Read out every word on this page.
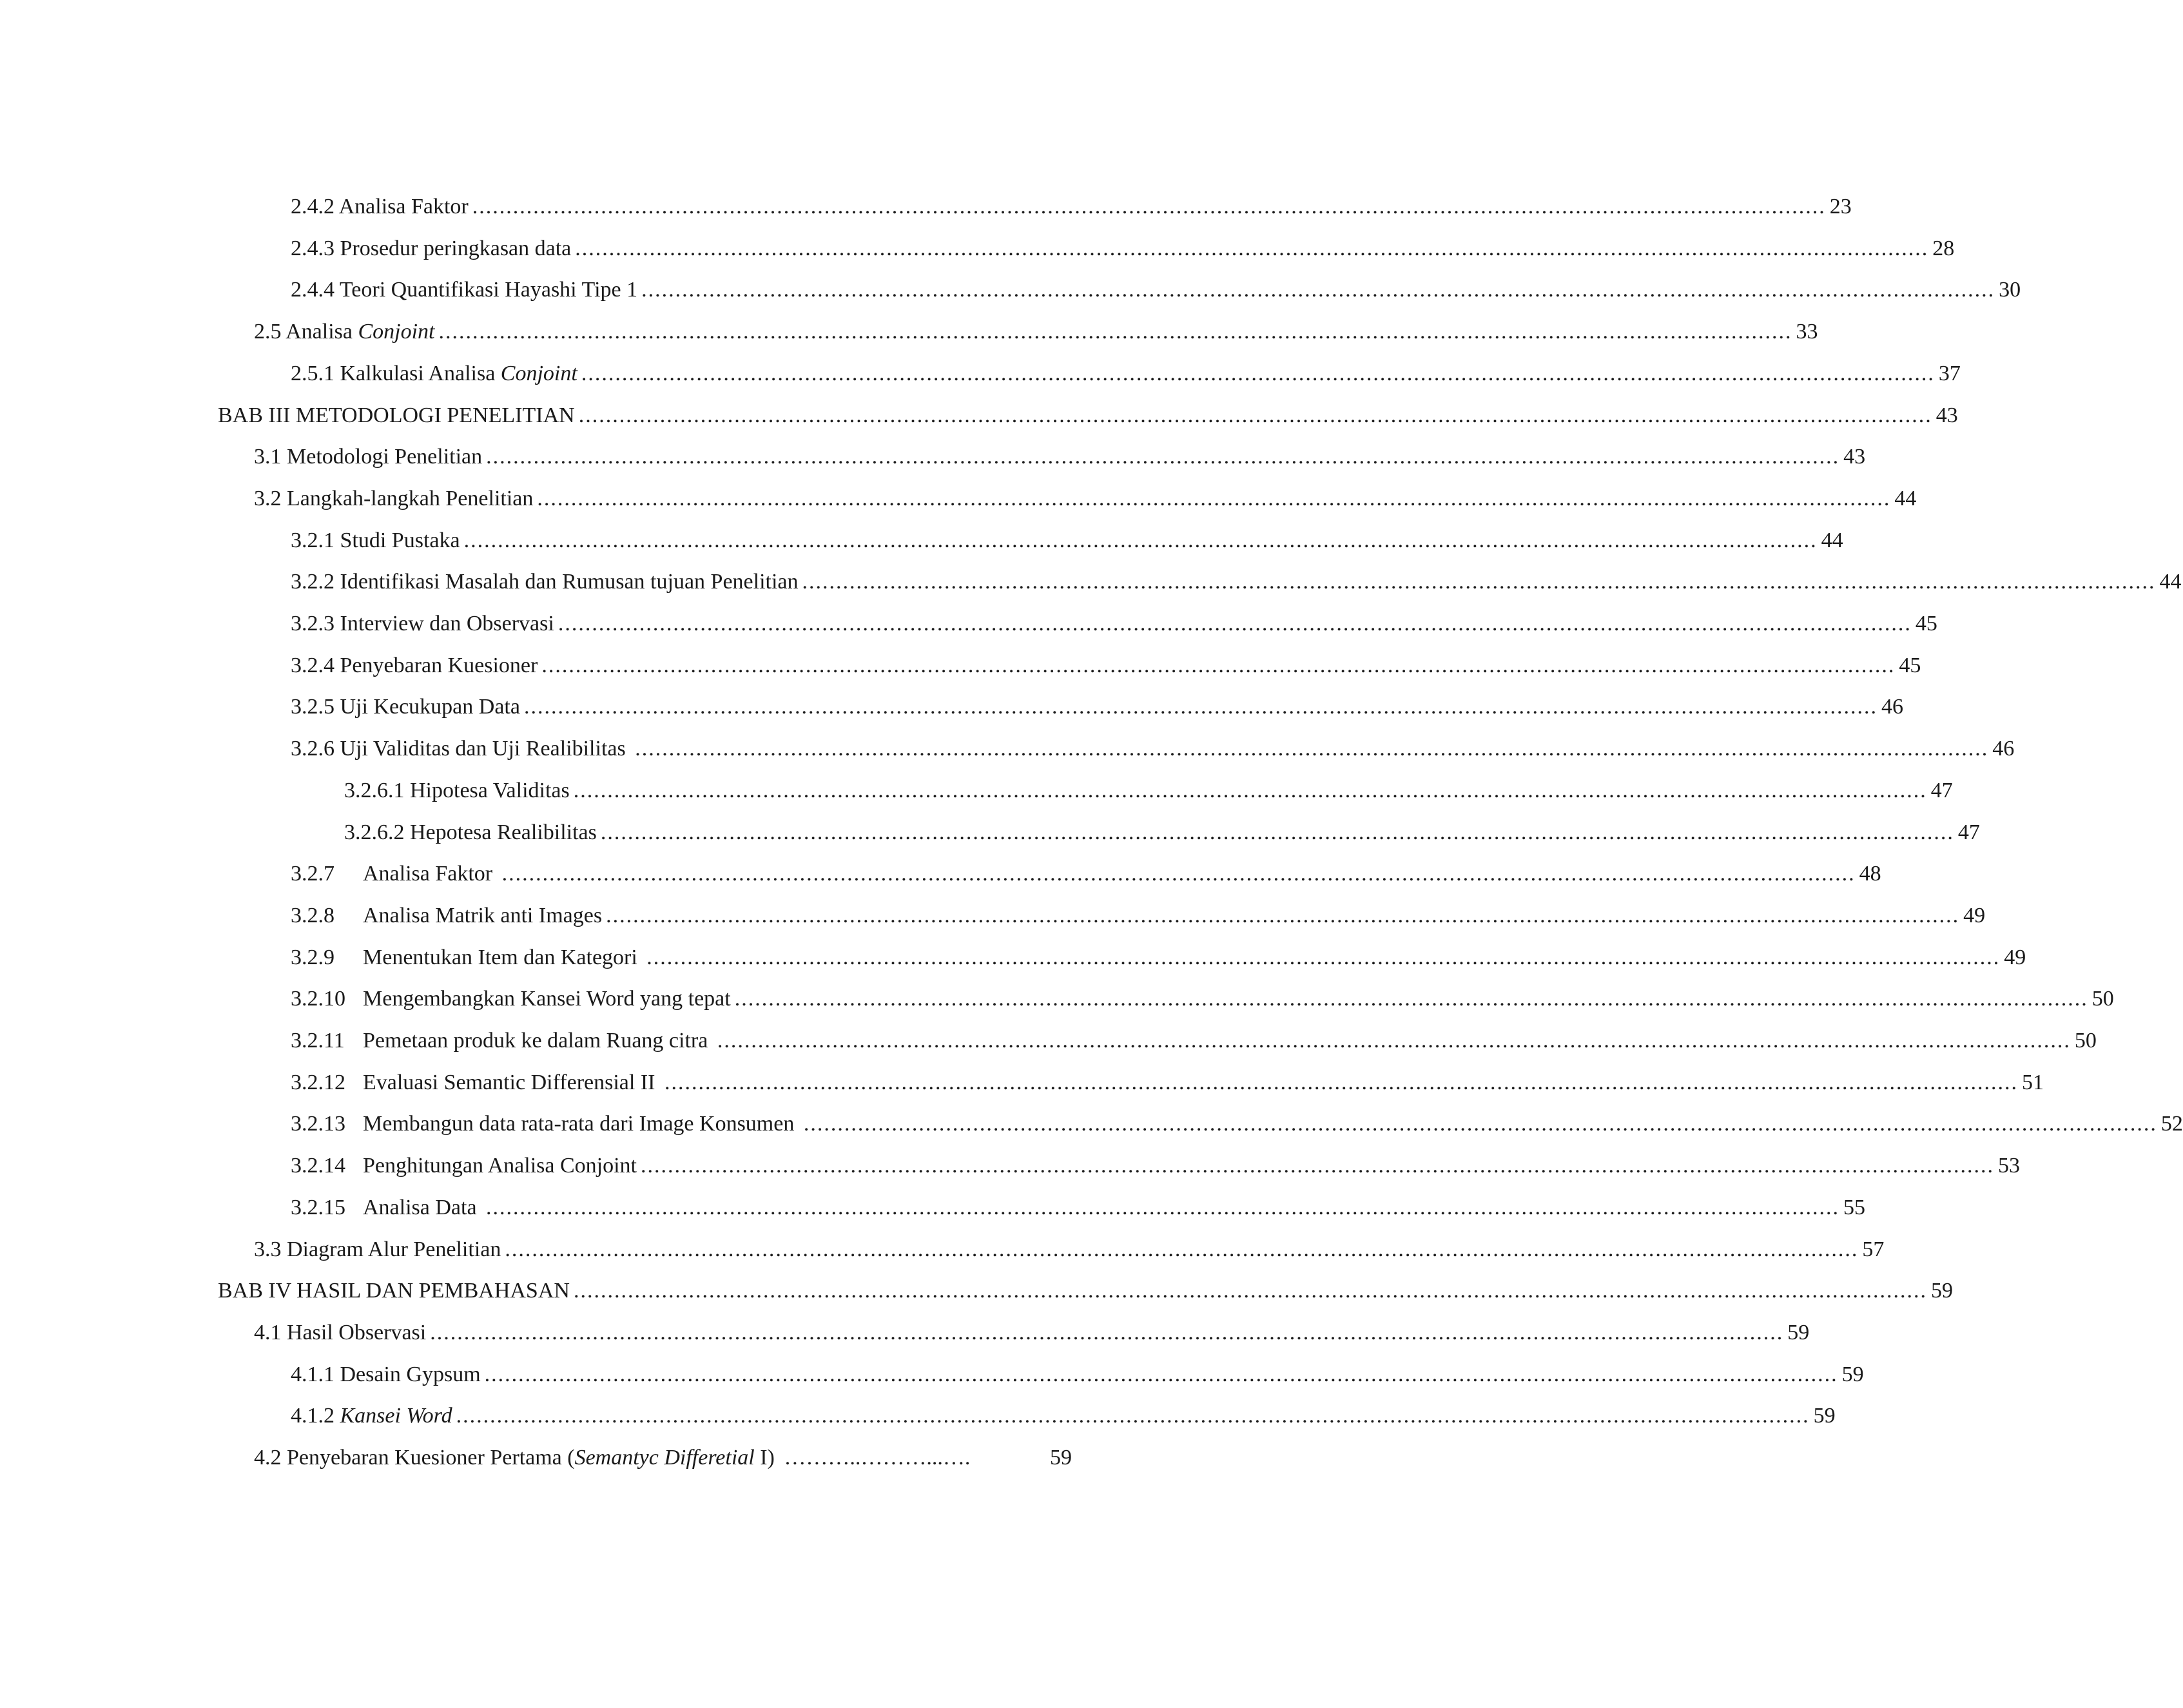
2.4.2 Analisa Faktor ........................................................................................................................................................................................................ 23
2.4.3 Prosedur peringkasan data ........................................................................................................................................................................................................ 28
2.4.4 Teori Quantifikasi Hayashi Tipe 1 ........................................................................................................................................................................................................ 30
2.5 Analisa Conjoint ........................................................................................................................................................................................................ 33
2.5.1 Kalkulasi Analisa Conjoint ........................................................................................................................................................................................................ 37
BAB III METODOLOGI PENELITIAN ........................................................................................................................................................................................................ 43
3.1 Metodologi Penelitian ........................................................................................................................................................................................................ 43
3.2 Langkah-langkah Penelitian ........................................................................................................................................................................................................ 44
3.2.1 Studi Pustaka ........................................................................................................................................................................................................ 44
3.2.2 Identifikasi Masalah dan Rumusan tujuan Penelitian ........................................................................................................................................................................................................ 44
3.2.3 Interview dan Observasi ........................................................................................................................................................................................................ 45
3.2.4 Penyebaran Kuesioner ........................................................................................................................................................................................................ 45
3.2.5 Uji Kecukupan Data ........................................................................................................................................................................................................ 46
3.2.6 Uji Validitas dan Uji Realibilitas ........................................................................................................................................................................................................ 46
3.2.6.1 Hipotesa Validitas ........................................................................................................................................................................................................ 47
3.2.6.2 Hepotesa Realibilitas ........................................................................................................................................................................................................ 47
3.2.7 Analisa Faktor ........................................................................................................................................................................................................ 48
3.2.8 Analisa Matrik anti Images ........................................................................................................................................................................................................ 49
3.2.9 Menentukan Item dan Kategori ........................................................................................................................................................................................................ 49
3.2.10 Mengembangkan Kansei Word yang tepat ........................................................................................................................................................................................................ 50
3.2.11 Pemetaan produk ke dalam Ruang citra ........................................................................................................................................................................................................ 50
3.2.12 Evaluasi Semantic Differensial II ........................................................................................................................................................................................................ 51
3.2.13 Membangun data rata-rata dari Image Konsumen ........................................................................................................................................................................................................ 52
3.2.14 Penghitungan Analisa Conjoint ........................................................................................................................................................................................................ 53
3.2.15 Analisa Data ........................................................................................................................................................................................................ 55
3.3 Diagram Alur Penelitian ........................................................................................................................................................................................................ 57
BAB IV HASIL DAN PEMBAHASAN ........................................................................................................................................................................................................ 59
4.1 Hasil Observasi ........................................................................................................................................................................................................ 59
4.1.1 Desain Gypsum ........................................................................................................................................................................................................ 59
4.1.2 Kansei Word ........................................................................................................................................................................................................ 59
4.2 Penyebaran Kuesioner Pertama (Semantyc Differetial I) ………..………...….	59
